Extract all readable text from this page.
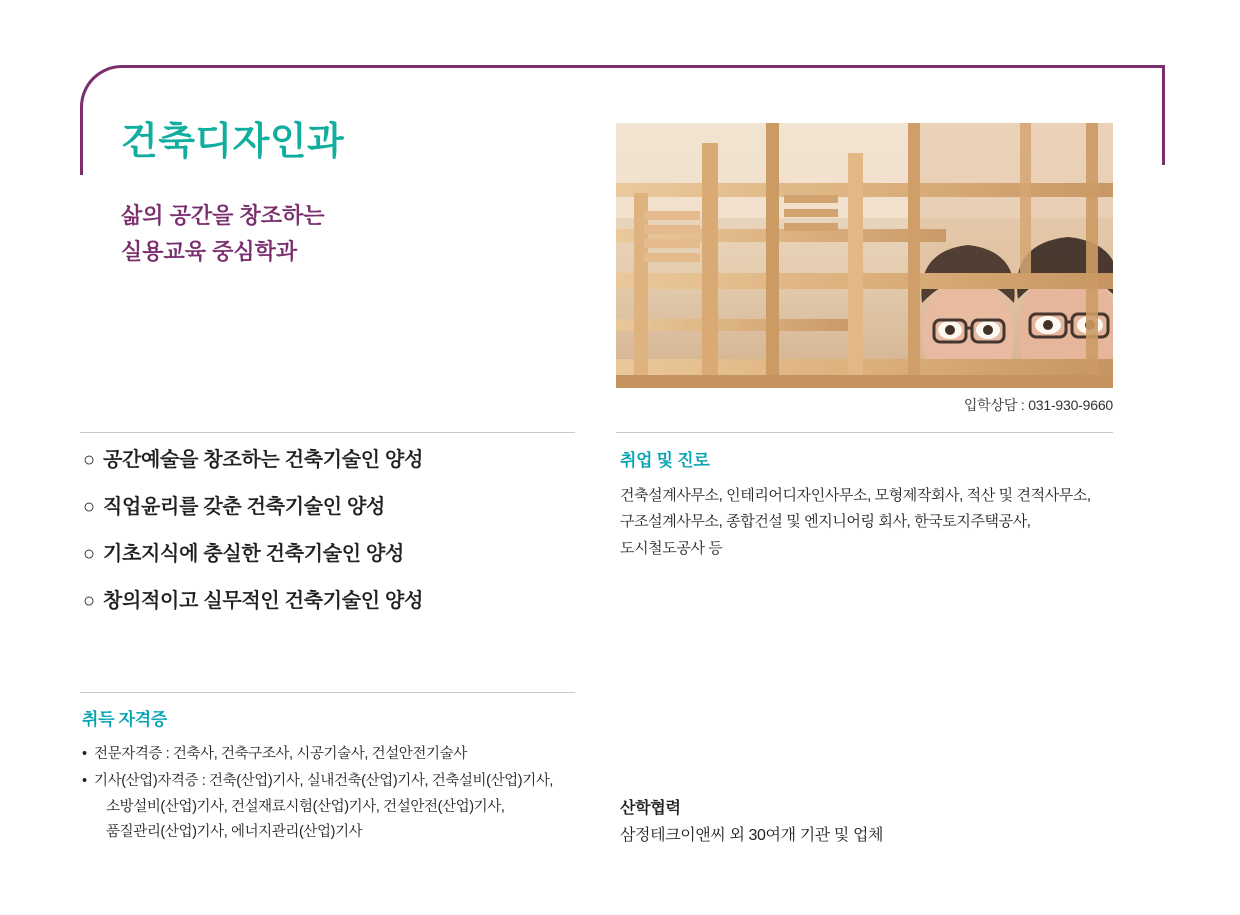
건축디자인과
삶의 공간을 창조하는
실용교육 중심학과
입학상담 : 031-930-9660
○ 공간예술을 창조하는 건축기술인 양성
○ 직업윤리를 갖춘 건축기술인 양성
○ 기초지식에 충실한 건축기술인 양성
○ 창의적이고 실무적인 건축기술인 양성
취업 및 진로
건축설계사무소, 인테리어디자인사무소, 모형제작회사, 적산 및 견적사무소,
구조설계사무소, 종합건설 및 엔지니어링 회사, 한국토지주택공사,
도시철도공사 등
취득 자격증
• 전문자격증 : 건축사, 건축구조사, 시공기술사, 건설안전기술사
• 기사(산업)자격증 : 건축(산업)기사, 실내건축(산업)기사, 건축설비(산업)기사,
소방설비(산업)기사, 건설재료시험(산업)기사, 건설안전(산업)기사,
품질관리(산업)기사, 에너지관리(산업)기사
산학협력
삼정테크이앤씨 외 30여개 기관 및 업체
